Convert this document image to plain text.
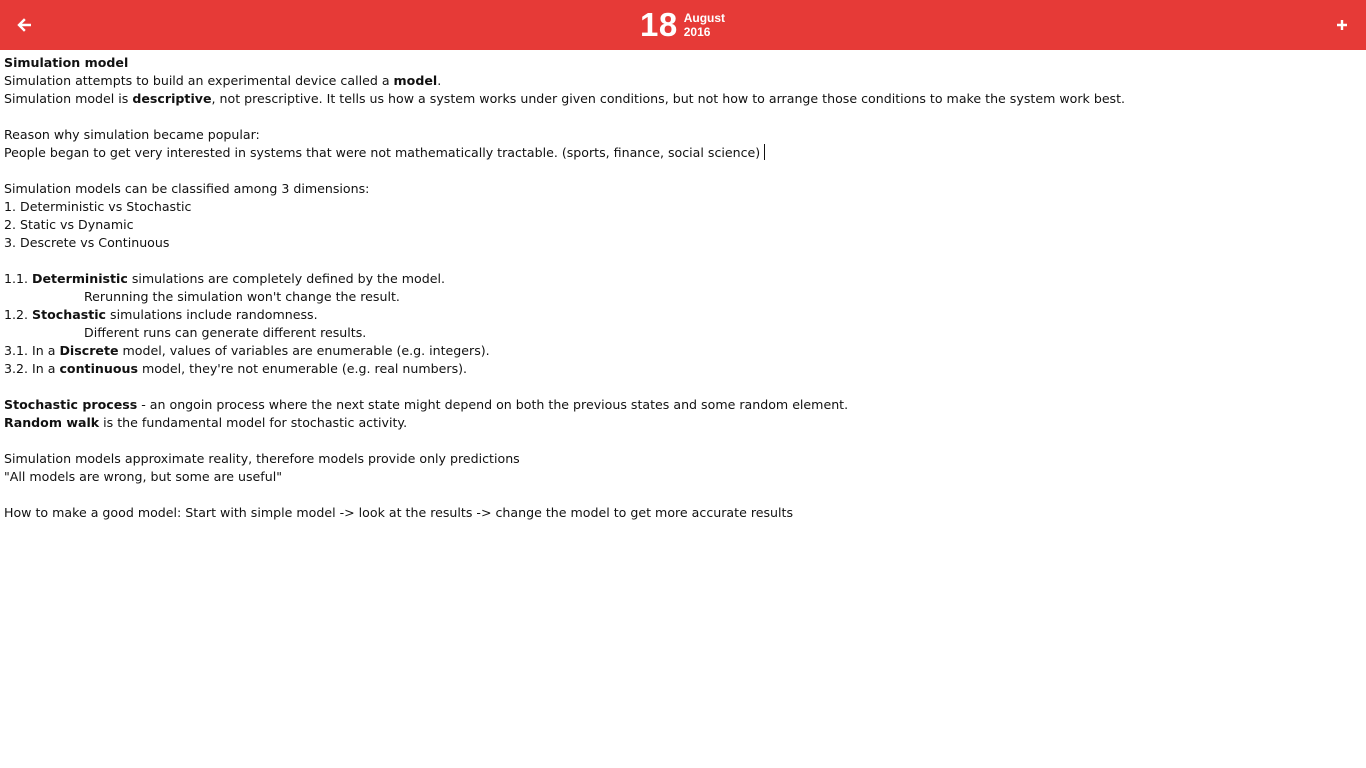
18 August
2016
Simulation model
Simulation attempts to build an experimental device called a model.
Simulation model is descriptive, not prescriptive. It tells us how a system works under given conditions, but not how to arrange those conditions to make the system work best.
Reason why simulation became popular:
People began to get very interested in systems that were not mathematically tractable. (sports, finance, social science)
Simulation models can be classified among 3 dimensions:
1. Deterministic vs Stochastic
2. Static vs Dynamic
3. Descrete vs Continuous
1.1. Deterministic simulations are completely defined by the model.
Rerunning the simulation won't change the result.
1.2. Stochastic simulations include randomness.
Different runs can generate different results.
3.1. In a Discrete model, values of variables are enumerable (e.g. integers).
3.2. In a continuous model, they're not enumerable (e.g. real numbers).
Stochastic process - an ongoin process where the next state might depend on both the previous states and some random element.
Random walk is the fundamental model for stochastic activity.
Simulation models approximate reality, therefore models provide only predictions
"All models are wrong, but some are useful"
How to make a good model: Start with simple model -> look at the results -> change the model to get more accurate results
